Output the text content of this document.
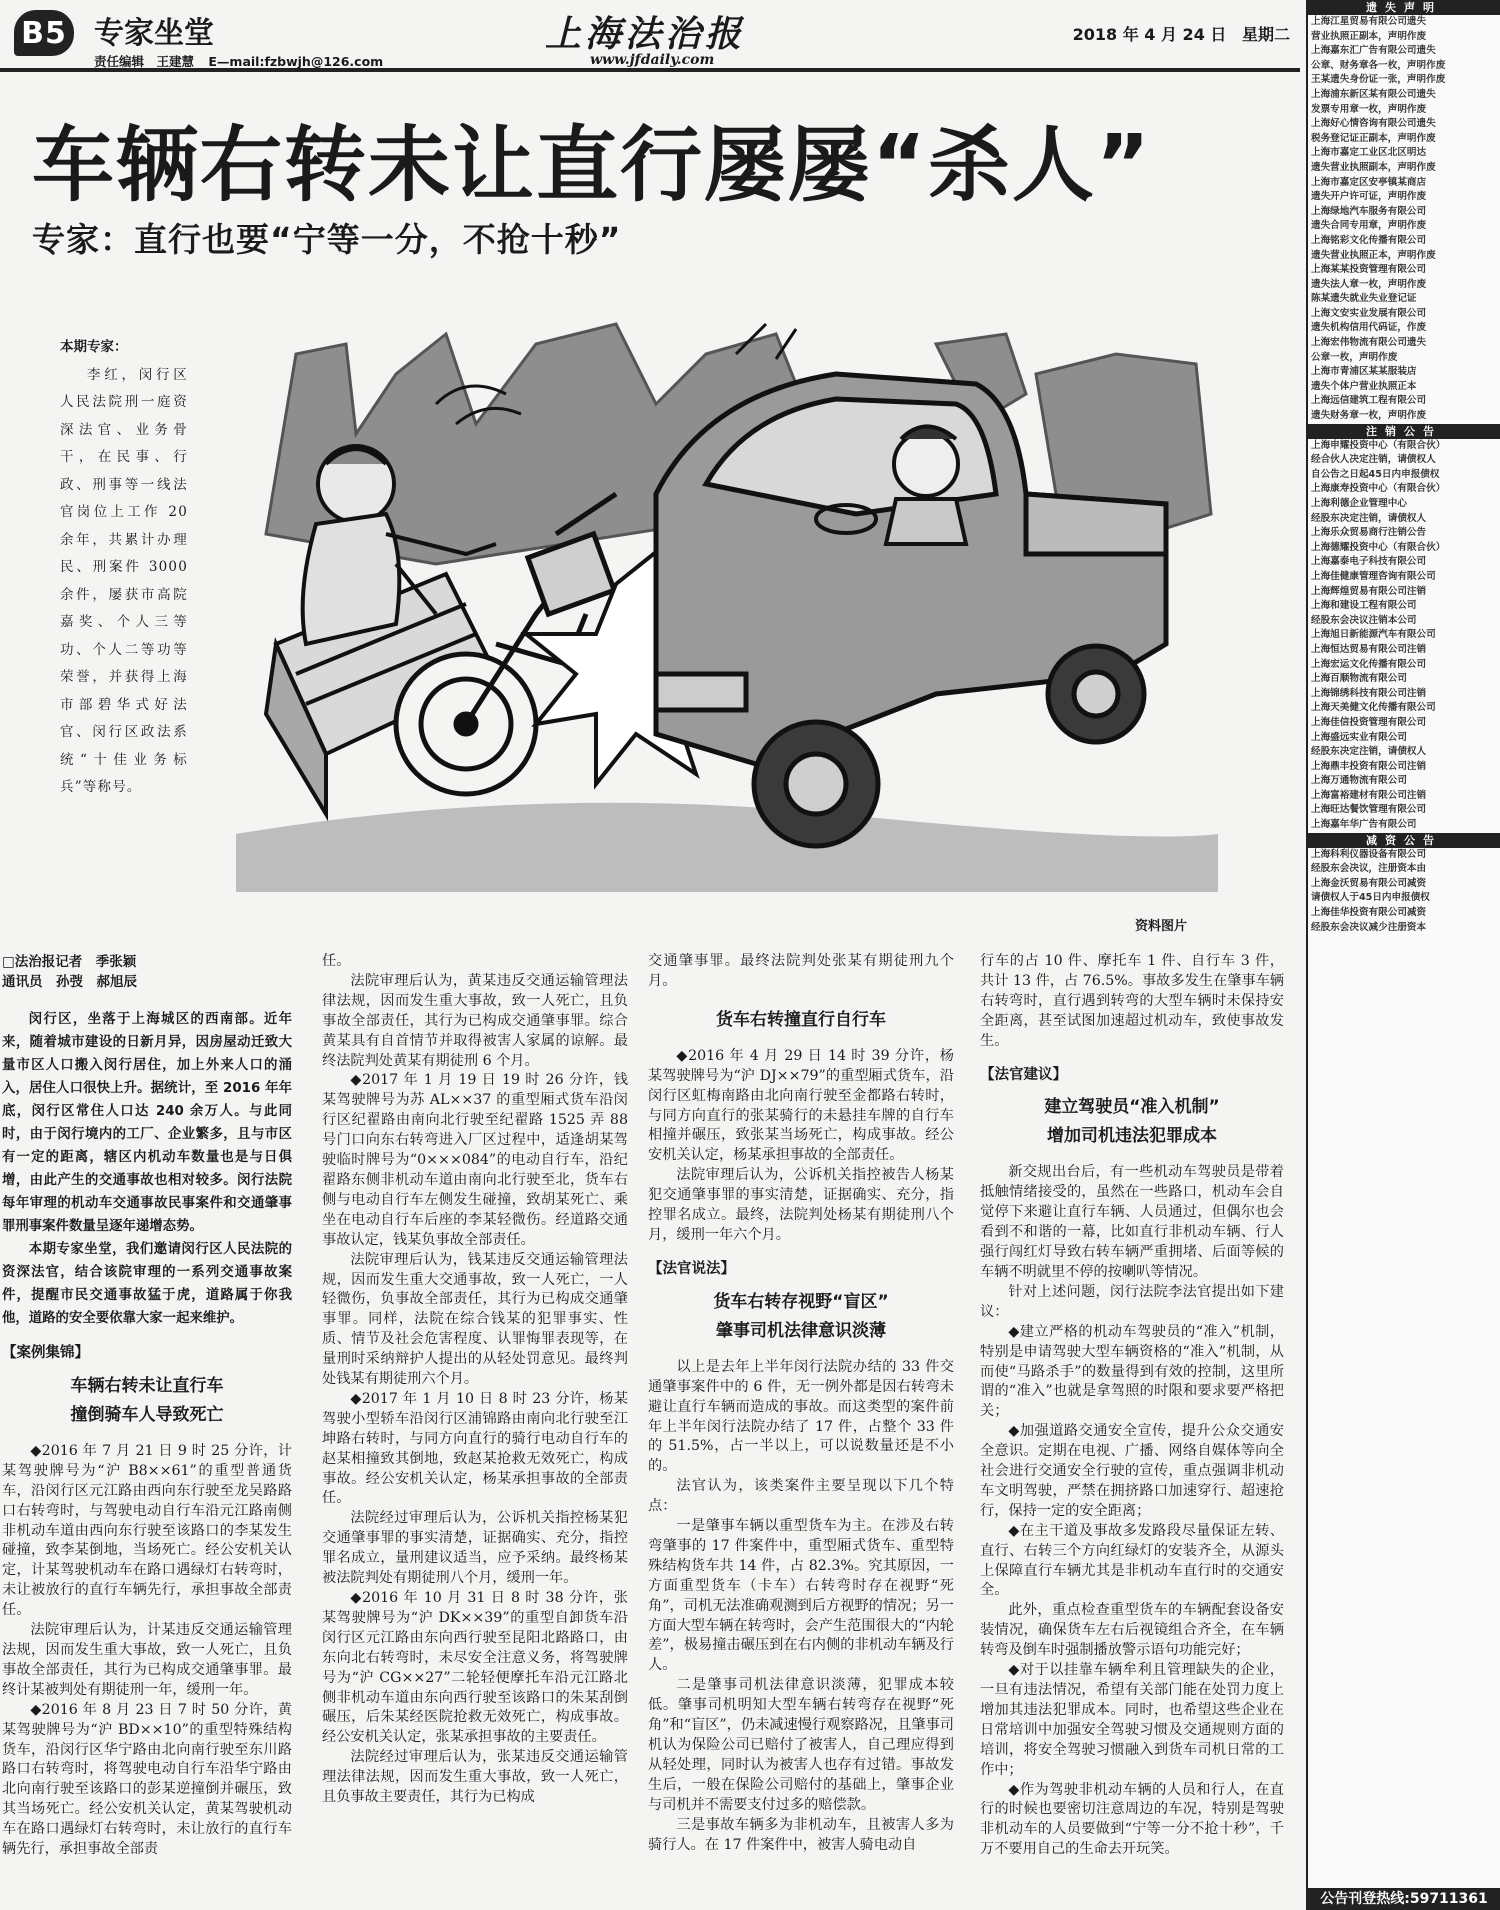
B5 专家坐堂
责任编辑　王建慧 E—mail:fzbwjh@126.com
上海法治报
www.jfdaily.com
2018 年 4 月 24 日 星期二
车辆右转未让直行屡屡“杀人”
专家：直行也要“宁等一分，不抢十秒”
本期专家：
李红，闵行区人民法院刑一庭资深法官、业务骨干，在民事、行政、刑事等一线法官岗位上工作 20 余年，共累计办理民、刑案件 3000 余件，屡获市高院嘉奖、个人三等功、个人二等功等荣誉，并获得上海市部碧华式好法官、闵行区政法系统“十佳业务标兵”等称号。
资料图片

□法治报记者　季张颖

通讯员　孙弢　郝旭辰

闵行区，坐落于上海城区的西南部。近年来，随着城市建设的日新月异，因房屋动迁致大量市区人口搬入闵行居住，加上外来人口的涌入，居住人口很快上升。据统计，至 2016 年年底，闵行区常住人口达 240 余万人。与此同时，由于闵行境内的工厂、企业繁多，且与市区有一定的距离，辖区内机动车数量也是与日俱增，由此产生的交通事故也相对较多。闵行法院每年审理的机动车交通事故民事案件和交通肇事罪刑事案件数量呈逐年递增态势。

本期专家坐堂，我们邀请闵行区人民法院的资深法官，结合该院审理的一系列交通事故案件，提醒市民交通事故猛于虎，道路属于你我他，道路的安全要依靠大家一起来维护。

【案例集锦】
车辆右转未让直行车
撞倒骑车人导致死亡

◆2016 年 7 月 21 日 9 时 25 分许，计某驾驶牌号为“沪 B8××61”的重型普通货车，沿闵行区元江路由西向东行驶至龙吴路路口右转弯时，与驾驶电动自行车沿元江路南侧非机动车道由西向东行驶至该路口的李某发生碰撞，致李某倒地，当场死亡。经公安机关认定，计某驾驶机动车在路口遇绿灯右转弯时，未让被放行的直行车辆先行，承担事故全部责任。

法院审理后认为，计某违反交通运输管理法规，因而发生重大事故，致一人死亡，且负事故全部责任，其行为已构成交通肇事罪。最终计某被判处有期徒刑一年，缓刑一年。

◆2016 年 8 月 23 日 7 时 50 分许，黄某驾驶牌号为“沪 BD××10”的重型特殊结构货车，沿闵行区华宁路由北向南行驶至东川路路口右转弯时，将驾驶电动自行车沿华宁路由北向南行驶至该路口的彭某逆撞倒并碾压，致其当场死亡。经公安机关认定，黄某驾驶机动车在路口遇绿灯右转弯时，未让放行的直行车辆先行，承担事故全部责

任。

法院审理后认为，黄某违反交通运输管理法律法规，因而发生重大事故，致一人死亡，且负事故全部责任，其行为已构成交通肇事罪。综合黄某具有自首情节并取得被害人家属的谅解。最终法院判处黄某有期徒刑 6 个月。

◆2017 年 1 月 19 日 19 时 26 分许，钱某驾驶牌号为苏 AL××37 的重型厢式货车沿闵行区纪翟路由南向北行驶至纪翟路 1525 弄 88 号门口向东右转弯进入厂区过程中，适逢胡某驾驶临时牌号为“0×××084”的电动自行车，沿纪翟路东侧非机动车道由南向北行驶至北，货车右侧与电动自行车左侧发生碰撞，致胡某死亡、乘坐在电动自行车后座的李某轻微伤。经道路交通事故认定，钱某负事故全部责任。

法院审理后认为，钱某违反交通运输管理法规，因而发生重大交通事故，致一人死亡，一人轻微伤，负事故全部责任，其行为已构成交通肇事罪。同样，法院在综合钱某的犯罪事实、性质、情节及社会危害程度、认罪悔罪表现等，在量刑时采纳辩护人提出的从轻处罚意见。最终判处钱某有期徒刑六个月。

◆2017 年 1 月 10 日 8 时 23 分许，杨某驾驶小型轿车沿闵行区浦锦路由南向北行驶至江坤路右转时，与同方向直行的骑行电动自行车的赵某相撞致其倒地，致赵某抢救无效死亡，构成事故。经公安机关认定，杨某承担事故的全部责任。

法院经过审理后认为，公诉机关指控杨某犯交通肇事罪的事实清楚，证据确实、充分，指控罪名成立，量刑建议适当，应予采纳。最终杨某被法院判处有期徒刑八个月，缓刑一年。

◆2016 年 10 月 31 日 8 时 38 分许，张某驾驶牌号为“沪 DK××39”的重型自卸货车沿闵行区元江路由东向西行驶至昆阳北路路口，由东向北右转弯时，未尽安全注意义务，将驾驶牌号为“沪 CG××27”二轮轻便摩托车沿元江路北侧非机动车道由东向西行驶至该路口的朱某刮倒碾压，后朱某经医院抢救无效死亡，构成事故。经公安机关认定，张某承担事故的主要责任。

法院经过审理后认为，张某违反交通运输管理法律法规，因而发生重大事故，致一人死亡，且负事故主要责任，其行为已构成

交通肇事罪。最终法院判处张某有期徒刑九个月。

货车右转撞直行自行车

◆2016 年 4 月 29 日 14 时 39 分许，杨某驾驶牌号为“沪 DJ××79”的重型厢式货车，沿闵行区虹梅南路由北向南行驶至金都路右转时，与同方向直行的张某骑行的未悬挂车牌的自行车相撞并碾压，致张某当场死亡，构成事故。经公安机关认定，杨某承担事故的全部责任。

法院审理后认为，公诉机关指控被告人杨某犯交通肇事罪的事实清楚，证据确实、充分，指控罪名成立。最终，法院判处杨某有期徒刑八个月，缓刑一年六个月。

【法官说法】
货车右转存视野“盲区”
肇事司机法律意识淡薄

以上是去年上半年闵行法院办结的 33 件交通肇事案件中的 6 件，无一例外都是因右转弯未避让直行车辆而造成的事故。而这类型的案件前年上半年闵行法院办结了 17 件，占整个 33 件的 51.5%，占一半以上，可以说数量还是不小的。

法官认为，该类案件主要呈现以下几个特点：

一是肇事车辆以重型货车为主。在涉及右转弯肇事的 17 件案件中，重型厢式货车、重型特殊结构货车共 14 件，占 82.3%。究其原因，一方面重型货车（卡车）右转弯时存在视野“死角”，司机无法准确观测到后方视野的情况；另一方面大型车辆在转弯时，会产生范围很大的“内轮差”，极易撞击碾压到在右内侧的非机动车辆及行人。

二是肇事司机法律意识淡薄，犯罪成本较低。肇事司机明知大型车辆右转弯存在视野“死角”和“盲区”，仍未减速慢行观察路况，且肇事司机认为保险公司已赔付了被害人，自己理应得到从轻处理，同时认为被害人也存有过错。事故发生后，一般在保险公司赔付的基础上，肇事企业与司机并不需要支付过多的赔偿款。

三是事故车辆多为非机动车，且被害人多为骑行人。在 17 件案件中，被害人骑电动自

行车的占 10 件、摩托车 1 件、自行车 3 件，共计 13 件，占 76.5%。事故多发生在肇事车辆右转弯时，直行遇到转弯的大型车辆时未保持安全距离，甚至试图加速超过机动车，致使事故发生。

【法官建议】
建立驾驶员“准入机制”
增加司机违法犯罪成本

新交规出台后，有一些机动车驾驶员是带着抵触情绪接受的，虽然在一些路口，机动车会自觉停下来避让直行车辆、人员通过，但偶尔也会看到不和谐的一幕，比如直行非机动车辆、行人强行闯红灯导致右转车辆严重拥堵、后面等候的车辆不明就里不停的按喇叭等情况。

针对上述问题，闵行法院李法官提出如下建议：

◆建立严格的机动车驾驶员的“准入”机制，特别是申请驾驶大型车辆资格的“准入”机制，从而使“马路杀手”的数量得到有效的控制，这里所谓的“准入”也就是拿驾照的时限和要求要严格把关；

◆加强道路交通安全宣传，提升公众交通安全意识。定期在电视、广播、网络自媒体等向全社会进行交通安全行驶的宣传，重点强调非机动车文明驾驶，严禁在拥挤路口加速穿行、超速抢行，保持一定的安全距离；

◆在主干道及事故多发路段尽量保证左转、直行、右转三个方向红绿灯的安装齐全，从源头上保障直行车辆尤其是非机动车直行时的交通安全。

此外，重点检查重型货车的车辆配套设备安装情况，确保货车左右后视镜组合齐全，在车辆转弯及倒车时强制播放警示语句功能完好；

◆对于以挂靠车辆牟利且管理缺失的企业，一旦有违法情况，希望有关部门能在处罚力度上增加其违法犯罪成本。同时，也希望这些企业在日常培训中加强安全驾驶习惯及交通规则方面的培训，将安全驾驶习惯融入到货车司机日常的工作中；

◆作为驾驶非机动车辆的人员和行人，在直行的时候也要密切注意周边的车况，特别是驾驶非机动车的人员要做到“宁等一分不抢十秒”，千万不要用自己的生命去开玩笑。

遗失声明

上海江星贸易有限公司遗失

营业执照正副本，声明作废

上海嘉东汇广告有限公司遗失

公章、财务章各一枚，声明作废

王某遗失身份证一张，声明作废

上海浦东新区某有限公司遗失

发票专用章一枚，声明作废

上海好心情咨询有限公司遗失

税务登记证正副本，声明作废

上海市嘉定工业区北区明达

遗失营业执照副本，声明作废

上海市嘉定区安亭镇某商店

遗失开户许可证，声明作废

上海绿地汽车服务有限公司

遗失合同专用章，声明作废

上海铭彩文化传播有限公司

遗失营业执照正本，声明作废

上海某某投资管理有限公司

遗失法人章一枚，声明作废

陈某遗失就业失业登记证

上海文安实业发展有限公司

遗失机构信用代码证，作废

上海宏伟物流有限公司遗失

公章一枚，声明作废

上海市青浦区某某服装店

遗失个体户营业执照正本

上海远信建筑工程有限公司

遗失财务章一枚，声明作废

注销公告

上海申耀投资中心（有限合伙）

经合伙人决定注销，请债权人

自公告之日起45日内申报债权

上海康寿投资中心（有限合伙）

上海利德企业管理中心

经股东决定注销，请债权人

上海乐众贸易商行注销公告

上海德耀投资中心（有限合伙）

上海嘉泰电子科技有限公司

上海佳健康管理咨询有限公司

上海辉煌贸易有限公司注销

上海和建设工程有限公司

经股东会决议注销本公司

上海旭日新能源汽车有限公司

上海恒达贸易有限公司注销

上海宏运文化传播有限公司

上海百顺物流有限公司

上海锦绣科技有限公司注销

上海天美健文化传播有限公司

上海佳信投资管理有限公司

上海盛远实业有限公司

经股东决定注销，请债权人

上海鼎丰投资有限公司注销

上海万通物流有限公司

上海富裕建材有限公司注销

上海旺达餐饮管理有限公司

上海嘉年华广告有限公司

减资公告

上海科利仪器设备有限公司

经股东会决议，注册资本由

上海金沃贸易有限公司减资

请债权人于45日内申报债权

上海佳华投资有限公司减资

经股东会决议减少注册资本

公告刊登热线:59711361
